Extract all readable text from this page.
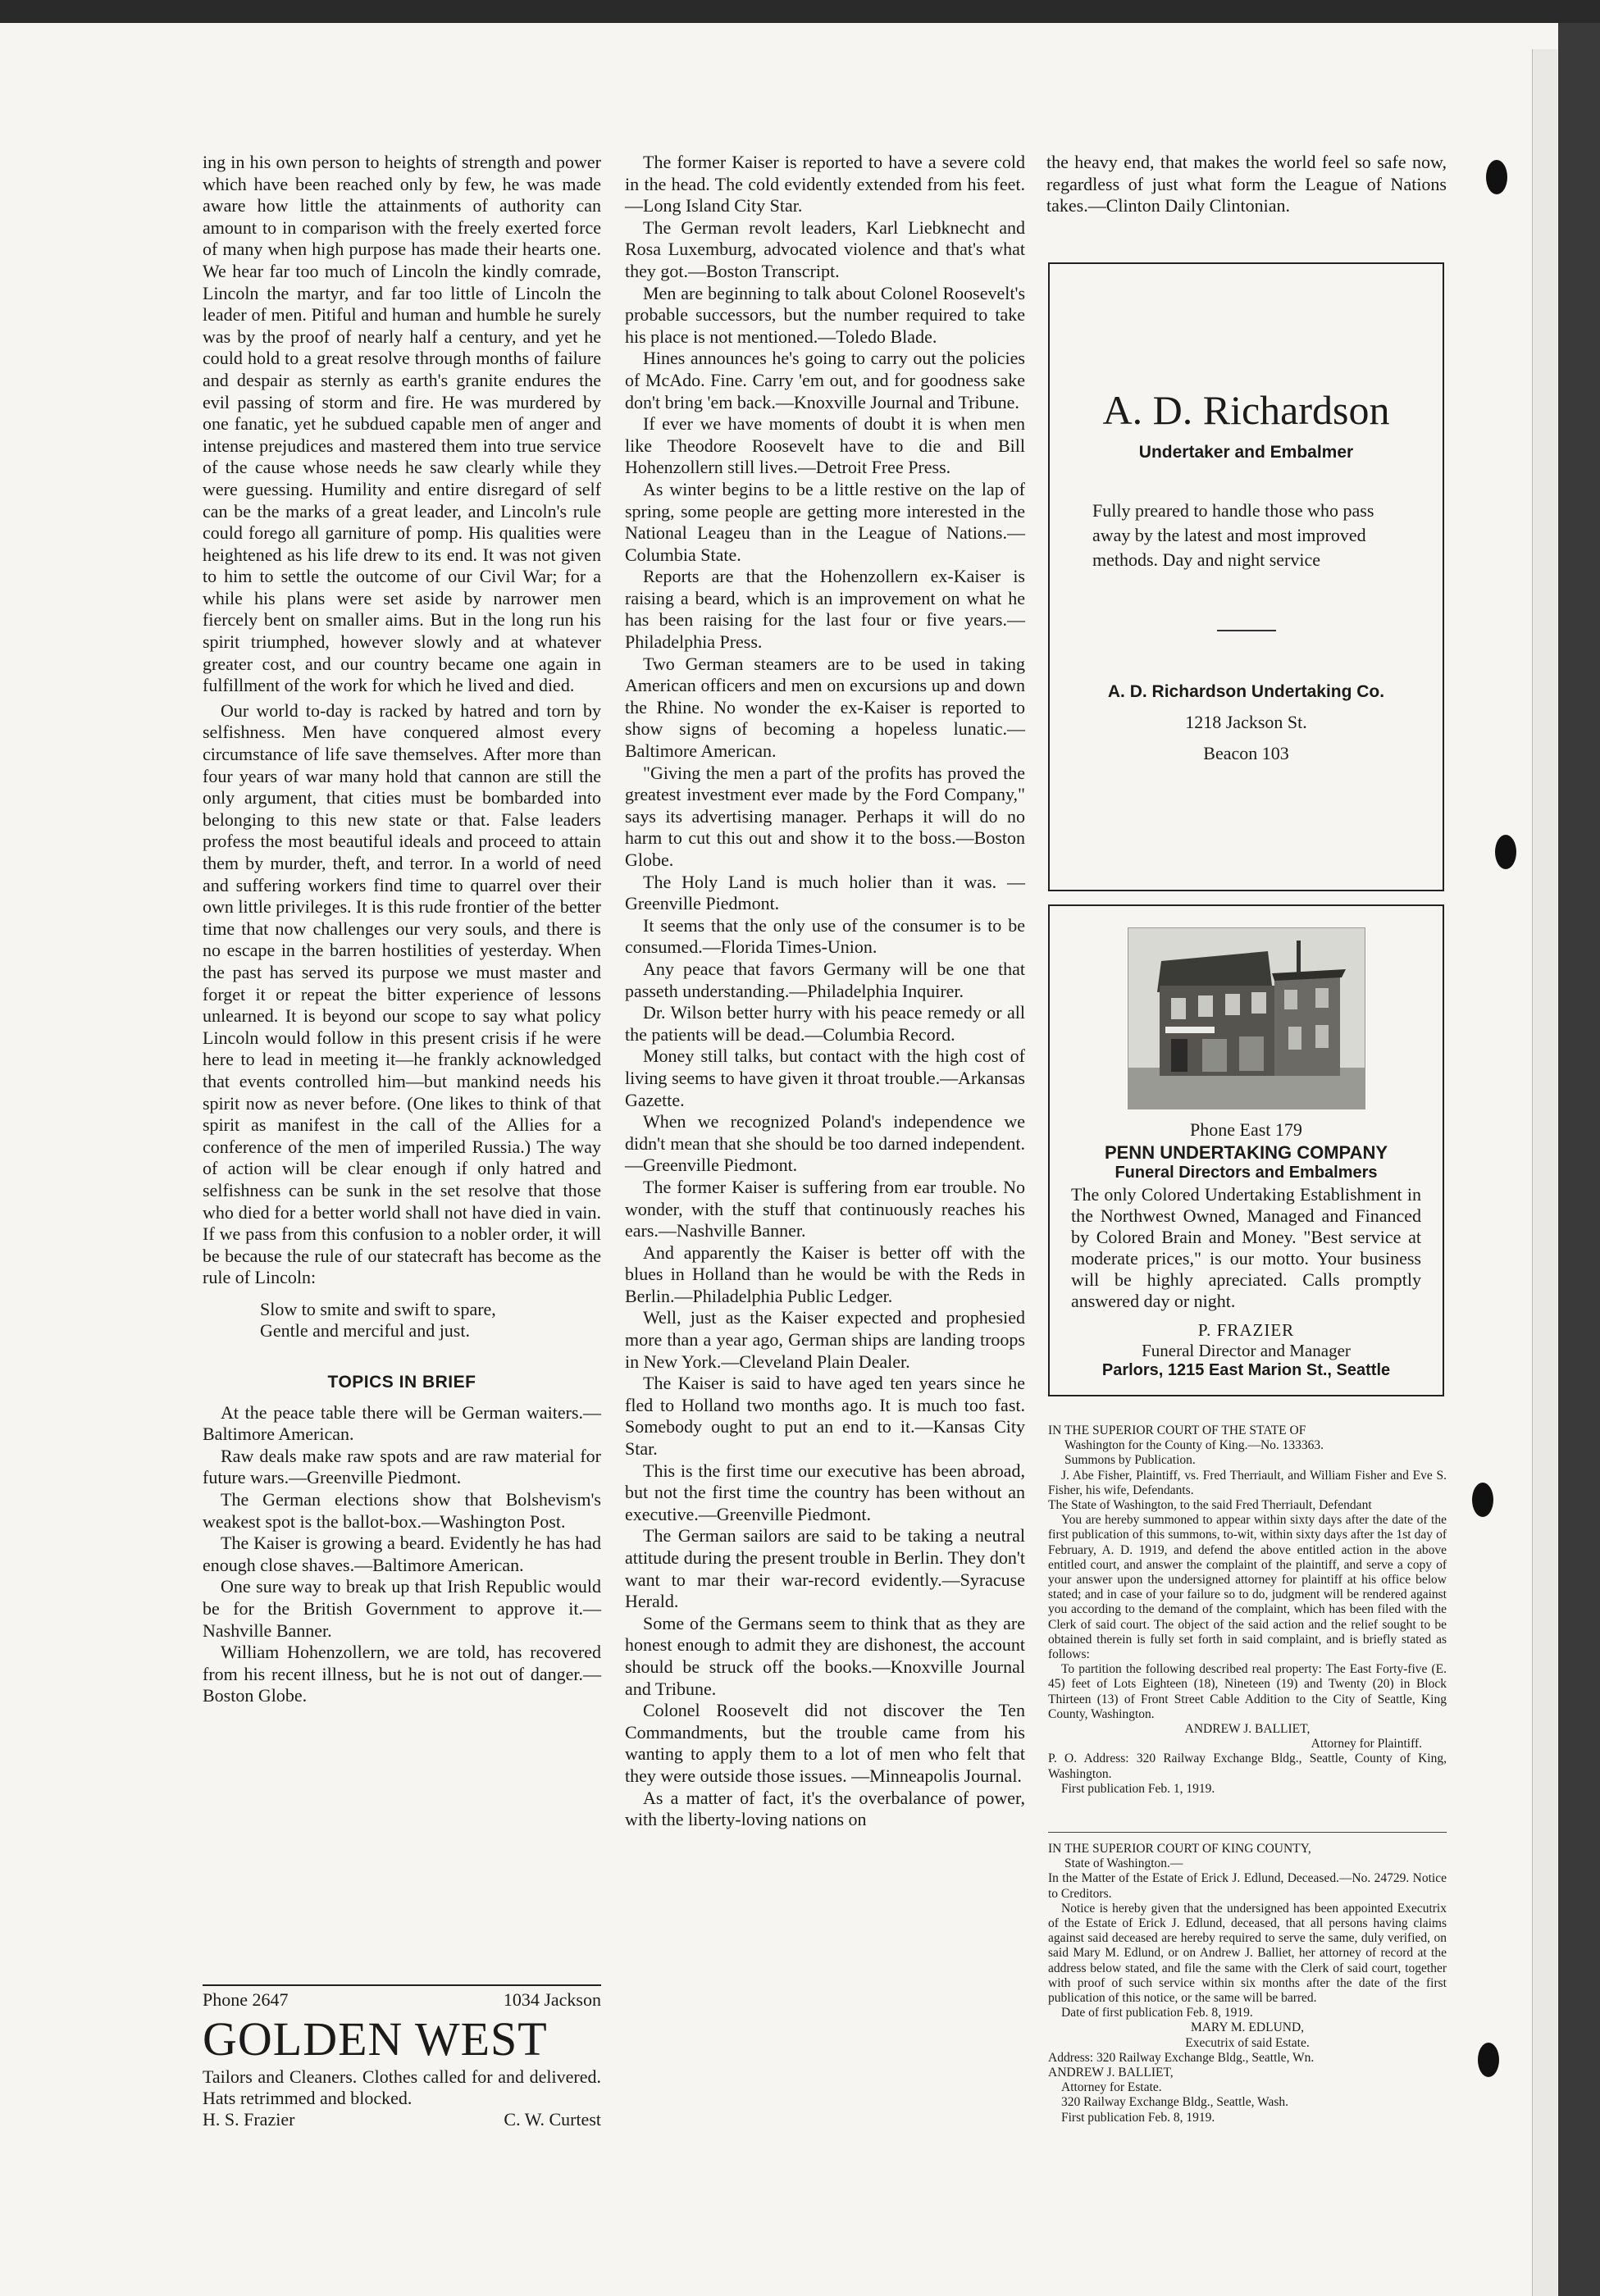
ing in his own person to heights of strength and power which have been reached only by few, he was made aware how little the attainments of authority can amount to in comparison with the freely exerted force of many when high purpose has made their hearts one. We hear far too much of Lincoln the kindly comrade, Lincoln the martyr, and far too little of Lincoln the leader of men. Pitiful and human and humble he surely was by the proof of nearly half a century, and yet he could hold to a great resolve through months of failure and despair as sternly as earth's granite endures the evil passing of storm and fire. He was murdered by one fanatic, yet he subdued capable men of anger and intense prejudices and mastered them into true service of the cause whose needs he saw clearly while they were guessing. Humility and entire disregard of self can be the marks of a great leader, and Lincoln's rule could forego all garniture of pomp. His qualities were heightened as his life drew to its end. It was not given to him to settle the outcome of our Civil War; for a while his plans were set aside by narrower men fiercely bent on smaller aims. But in the long run his spirit triumphed, however slowly and at whatever greater cost, and our country became one again in fulfillment of the work for which he lived and died.

Our world to-day is racked by hatred and torn by selfishness. Men have conquered almost every circumstance of life save themselves. After more than four years of war many hold that cannon are still the only argument, that cities must be bombarded into belonging to this new state or that. False leaders profess the most beautiful ideals and proceed to attain them by murder, theft, and terror. In a world of need and suffering workers find time to quarrel over their own little privileges. It is this rude frontier of the better time that now challenges our very souls, and there is no escape in the barren hostilities of yesterday. When the past has served its purpose we must master and forget it or repeat the bitter experience of lessons unlearned. It is beyond our scope to say what policy Lincoln would follow in this present crisis if he were here to lead in meeting it—he frankly acknowledged that events controlled him—but mankind needs his spirit now as never before. (One likes to think of that spirit as manifest in the call of the Allies for a conference of the men of imperiled Russia.) The way of action will be clear enough if only hatred and selfishness can be sunk in the set resolve that those who died for a better world shall not have died in vain. If we pass from this confusion to a nobler order, it will be because the rule of our statecraft has become as the rule of Lincoln:

Slow to smite and swift to spare,
Gentle and merciful and just.
TOPICS IN BRIEF

At the peace table there will be German waiters.—Baltimore American.

Raw deals make raw spots and are raw material for future wars.—Greenville Piedmont.

The German elections show that Bolshevism's weakest spot is the ballot-box.—Washington Post.

The Kaiser is growing a beard. Evidently he has had enough close shaves.—Baltimore American.

One sure way to break up that Irish Republic would be for the British Government to approve it.—Nashville Banner.

William Hohenzollern, we are told, has recovered from his recent illness, but he is not out of danger.—Boston Globe.

Phone 2647	1034 Jackson
GOLDEN WEST
Tailors and Cleaners. Clothes called for and delivered. Hats retrimmed and blocked.
H. S. Frazier	C. W. Curtest

The former Kaiser is reported to have a severe cold in the head. The cold evidently extended from his feet.—Long Island City Star.

The German revolt leaders, Karl Liebknecht and Rosa Luxemburg, advocated violence and that's what they got.—Boston Transcript.

Men are beginning to talk about Colonel Roosevelt's probable successors, but the number required to take his place is not mentioned.—Toledo Blade.

Hines announces he's going to carry out the policies of McAdo. Fine. Carry 'em out, and for goodness sake don't bring 'em back.—Knoxville Journal and Tribune.

If ever we have moments of doubt it is when men like Theodore Roosevelt have to die and Bill Hohenzollern still lives.—Detroit Free Press.

As winter begins to be a little restive on the lap of spring, some people are getting more interested in the National Leageu than in the League of Nations.—Columbia State.

Reports are that the Hohenzollern ex-Kaiser is raising a beard, which is an improvement on what he has been raising for the last four or five years.—Philadelphia Press.

Two German steamers are to be used in taking American officers and men on excursions up and down the Rhine. No wonder the ex-Kaiser is reported to show signs of becoming a hopeless lunatic.—Baltimore American.

"Giving the men a part of the profits has proved the greatest investment ever made by the Ford Company," says its advertising manager. Perhaps it will do no harm to cut this out and show it to the boss.—Boston Globe.

The Holy Land is much holier than it was. —Greenville Piedmont.

It seems that the only use of the consumer is to be consumed.—Florida Times-Union.

Any peace that favors Germany will be one that passeth understanding.—Philadelphia Inquirer.

Dr. Wilson better hurry with his peace remedy or all the patients will be dead.—Columbia Record.

Money still talks, but contact with the high cost of living seems to have given it throat trouble.—Arkansas Gazette.

When we recognized Poland's independence we didn't mean that she should be too darned independent.—Greenville Piedmont.

The former Kaiser is suffering from ear trouble. No wonder, with the stuff that continuously reaches his ears.—Nashville Banner.

And apparently the Kaiser is better off with the blues in Holland than he would be with the Reds in Berlin.—Philadelphia Public Ledger.

Well, just as the Kaiser expected and prophesied more than a year ago, German ships are landing troops in New York.—Cleveland Plain Dealer.

The Kaiser is said to have aged ten years since he fled to Holland two months ago. It is much too fast. Somebody ought to put an end to it.—Kansas City Star.

This is the first time our executive has been abroad, but not the first time the country has been without an executive.—Greenville Piedmont.

The German sailors are said to be taking a neutral attitude during the present trouble in Berlin. They don't want to mar their war-record evidently.—Syracuse Herald.

Some of the Germans seem to think that as they are honest enough to admit they are dishonest, the account should be struck off the books.—Knoxville Journal and Tribune.

Colonel Roosevelt did not discover the Ten Commandments, but the trouble came from his wanting to apply them to a lot of men who felt that they were outside those issues. —Minneapolis Journal.

As a matter of fact, it's the overbalance of power, with the liberty-loving nations on

the heavy end, that makes the world feel so safe now, regardless of just what form the League of Nations takes.—Clinton Daily Clintonian.

A. D. Richardson
Undertaker and Embalmer
Fully preared to handle those who pass away by the latest and most improved methods. Day and night service
A. D. Richardson Undertaking Co.
1218 Jackson St.
Beacon 103
Phone East 179
PENN UNDERTAKING COMPANY
Funeral Directors and Embalmers
The only Colored Undertaking Establishment in the Northwest Owned, Managed and Financed by Colored Brain and Money. "Best service at moderate prices," is our motto. Your business will be highly apreciated. Calls promptly answered day or night.
P. FRAZIER
Funeral Director and Manager
Parlors, 1215 East Marion St., Seattle

IN THE SUPERIOR COURT OF THE STATE OF

Washington for the County of King.—No. 133363.

Summons by Publication.

J. Abe Fisher, Plaintiff, vs. Fred Therriault, and William Fisher and Eve S. Fisher, his wife, Defendants.

The State of Washington, to the said Fred Therriault, Defendant

You are hereby summoned to appear within sixty days after the date of the first publication of this summons, to-wit, within sixty days after the 1st day of February, A. D. 1919, and defend the above entitled action in the above entitled court, and answer the complaint of the plaintiff, and serve a copy of your answer upon the undersigned attorney for plaintiff at his office below stated; and in case of your failure so to do, judgment will be rendered against you according to the demand of the complaint, which has been filed with the Clerk of said court. The object of the said action and the relief sought to be obtained therein is fully set forth in said complaint, and is briefly stated as follows:

To partition the following described real property: The East Forty-five (E. 45) feet of Lots Eighteen (18), Nineteen (19) and Twenty (20) in Block Thirteen (13) of Front Street Cable Addition to the City of Seattle, King County, Washington.

ANDREW J. BALLIET,

Attorney for Plaintiff.

P. O. Address: 320 Railway Exchange Bldg., Seattle, County of King, Washington.

First publication Feb. 1, 1919.

IN THE SUPERIOR COURT OF KING COUNTY,

State of Washington.—

In the Matter of the Estate of Erick J. Edlund, Deceased.—No. 24729. Notice to Creditors.

Notice is hereby given that the undersigned has been appointed Executrix of the Estate of Erick J. Edlund, deceased, that all persons having claims against said deceased are hereby required to serve the same, duly verified, on said Mary M. Edlund, or on Andrew J. Balliet, her attorney of record at the address below stated, and file the same with the Clerk of said court, together with proof of such service within six months after the date of the first publication of this notice, or the same will be barred.

Date of first publication Feb. 8, 1919.

MARY M. EDLUND,

Executrix of said Estate.

Address: 320 Railway Exchange Bldg., Seattle, Wn.

ANDREW J. BALLIET,

Attorney for Estate.

320 Railway Exchange Bldg., Seattle, Wash.

First publication Feb. 8, 1919.
